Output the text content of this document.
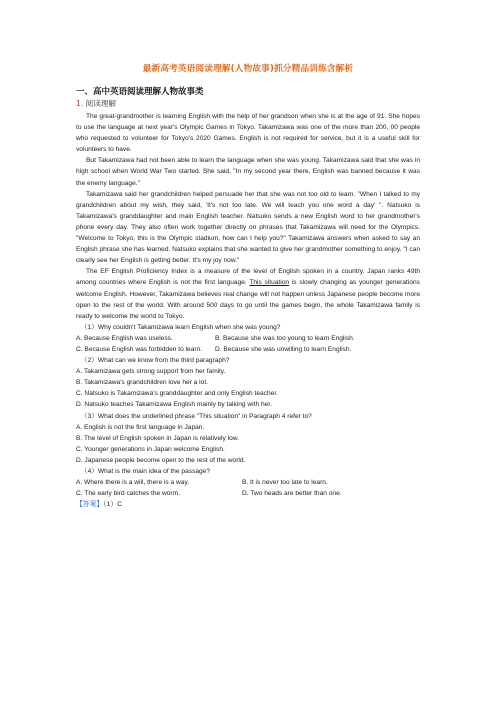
最新高考英语阅读理解(人物故事)抓分精品训练含解析
一、高中英语阅读理解人物故事类
1. 阅读理解

The great-grandmother is learning English with the help of her grandson when she is at the age of 91. She hopes to use the language at next year's Olympic Games in Tokyo. Takamizawa was one of the more than 200, 00 people who requested to volunteer for Tokyo's 2020 Games. English is not required for service, but it is a useful skill for volunteers to have.

But Takamizawa had not been able to learn the language when she was young. Takamizawa said that she was in high school when World War Two started. She said, "In my second year there, English was banned because it was the enemy language."

Takamizawa said her grandchildren helped persuade her that she was not too old to learn. "When I talked to my grandchildren about my wish, they said, 'It's not too late. We will teach you one word a day' ". Natsuko is Takamizawa's granddaughter and main English teacher. Natsuko sends a new English word to her grandmother's phone every day. They also often work together directly on phrases that Takamizawa will need for the Olympics. "Welcome to Tokyo, this is the Olympic stadium, how can I help you?" Takamizawa answers when asked to say an English phrase she has learned. Natsuko explains that she wanted to give her grandmother something to enjoy. "I can clearly see her English is getting better. It's my joy now."

The EF English Proficiency Index is a measure of the level of English spoken in a country. Japan ranks 49th among countries where English is not the first language. This situation is slowly changing as younger generations welcome English. However, Takamizawa believes real change will not happen unless Japanese people become more open to the rest of the world. With around 500 days to go until the games begin, the whole Takamizawa family is ready to welcome the world to Tokyo.

（1）Why couldn't Takamizawa learn English when she was young?

A. Because English was useless.	B. Because she was too young to learn English.
C. Because English was forbidden to learn.	D. Because she was unwilling to learn English.

（2）What can we know from the third paragraph?

A. Takamizawa gets strong support from her family.

B. Takamizawa's grandchildren love her a lot.

C. Natsuko is Takamizawa's granddaughter and only English teacher.

D. Natsuko teaches Takamizawa English mainly by talking with her.

（3）What does the underlined phrase "This situation" in Paragraph 4 refer to?

A. English is not the first language in Japan.

B. The level of English spoken in Japan is relatively low.

C. Younger generations in Japan welcome English.

D. Japanese people become open to the rest of the world.

（4）What is the main idea of the passage?

A. Where there is a will, there is a way.	B. It is never too late to learn.
C. The early bird catches the worm.	D. Two heads are better than one.

【答案】（1）C
